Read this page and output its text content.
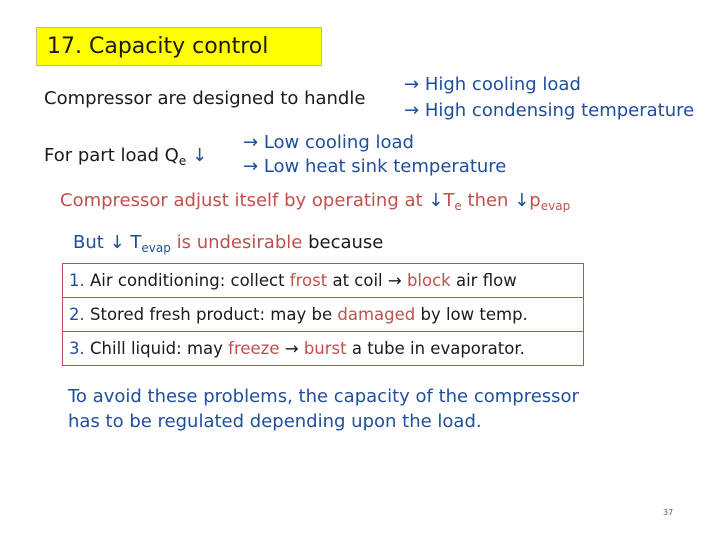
17. Capacity control
Compressor are designed to handle
→ High cooling load
→ High condensing temperature
For part load $Q_e$ ↓
→ Low cooling load
→ Low heat sink temperature
Compressor adjust itself by operating at $↓T_e$ then $↓p_{evap}$
But ↓ $T_{evap}$ is undesirable because
1. Air conditioning: collect frost at coil → block air flow
2. Stored fresh product: may be damaged by low temp.
3. Chill liquid: may freeze → burst a tube in evaporator.
To avoid these problems, the capacity of the compressor
has to be regulated depending upon the load.
37
